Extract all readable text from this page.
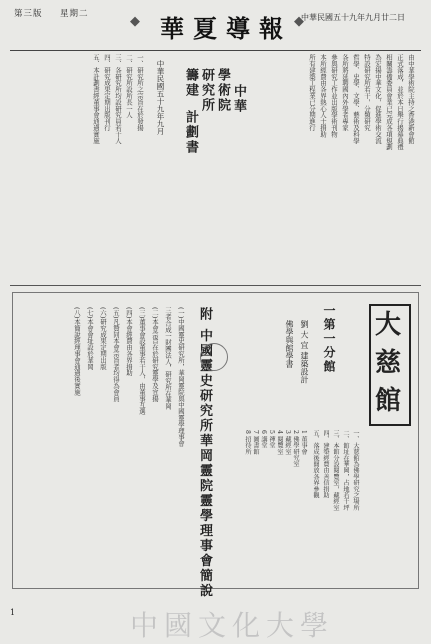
第三版 星期二	◆ 華夏導報 ◆
中華民國五十九年九月廿二日
由中華學術院主持之香港新會館
正式落成，並於本日舉行揭幕典禮
相關籌備委員會業已完成各項規劃
為宏揚中華文化，促進學術交流
特設研究所若干，分類研究
哲學、史學、文學、藝術及科學
各所將延聘國內外學者專家
參與研究工作並出版學術刊物
本所經費由各界熱心人士捐助
所有建築工程業已分期進行
一、研究所之宗旨在於發揚
二、研究所設所長一人
三、各研究所均設研究員若干人
四、研究成果定期出版刊行
五、本計劃書經董事會通過實施	中華
學術院
研究所
籌建
計劃書
中華民國五十九年九月
附 中國靈史研究所華岡靈院靈學理事會簡說
(一)中國靈史研究所，華岡靈院與中國靈學理事會
三者合成一財團法人，研究所在華岡
(二)本會宗旨在於研究靈學及宣揚
(三)董事會設董事若干人，由董事互選
(四)本會經費由各界捐助
(五)凡贊同本會宗旨者均得為會員
(六)研究成果定期出版
(七)本會會址設於華岡
(八)本簡說經理事會通過後實施	大
慈
館
一第一分館
劉 大 宜 建築設計
佛學與館學書
一、大慈館為佛學研究之場所
二、館址在華岡，占地若干坪
三、本館分設閱覽室，藏經室
四、建築經費由善信捐助
五、落成後開放各界參觀
1 董事會
2 佛學研究室
3 藏經室
4 閱覽室
5 禪堂
6 講堂
7 圖書館
8 招待所
1	中國文化大學
